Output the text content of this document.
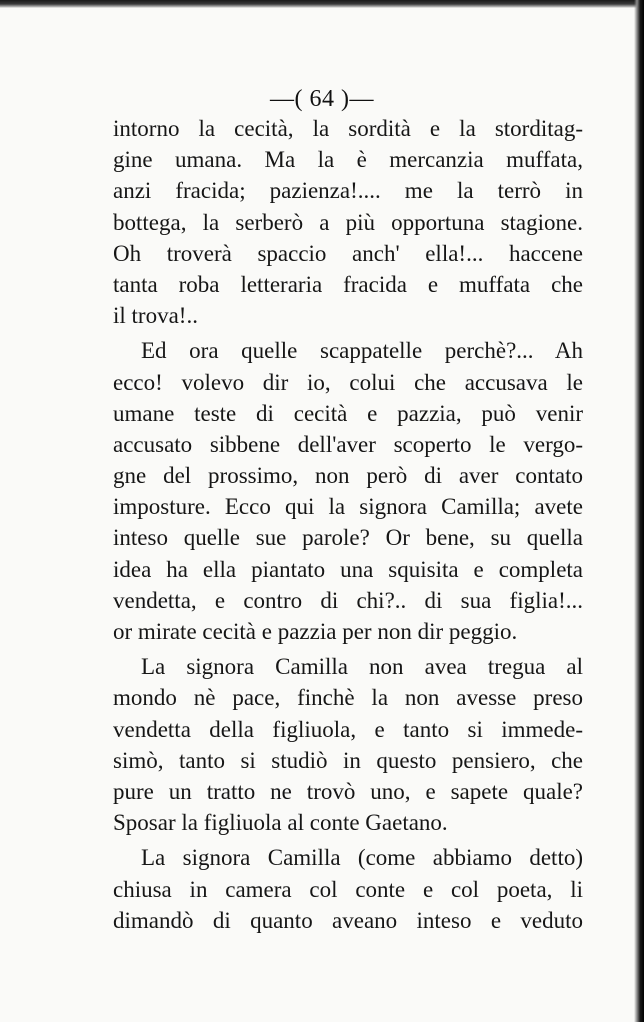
—( 64 )—
intorno la cecità, la sordità e la storditag-
gine umana. Ma la è mercanzia muffata,
anzi fracida; pazienza!.... me la terrò in
bottega, la serberò a più opportuna stagione.
Oh troverà spaccio anch' ella!... haccene
tanta roba letteraria fracida e muffata che
il trova!..
Ed ora quelle scappatelle perchè?... Ah
ecco! volevo dir io, colui che accusava le
umane teste di cecità e pazzia, può venir
accusato sibbene dell'aver scoperto le vergo-
gne del prossimo, non però di aver contato
imposture. Ecco qui la signora Camilla; avete
inteso quelle sue parole? Or bene, su quella
idea ha ella piantato una squisita e completa
vendetta, e contro di chi?.. di sua figlia!...
or mirate cecità e pazzia per non dir peggio.
La signora Camilla non avea tregua al
mondo nè pace, finchè la non avesse preso
vendetta della figliuola, e tanto si immede-
simò, tanto si studiò in questo pensiero, che
pure un tratto ne trovò uno, e sapete quale?
Sposar la figliuola al conte Gaetano.
La signora Camilla (come abbiamo detto)
chiusa in camera col conte e col poeta, li
dimandò di quanto aveano inteso e veduto
